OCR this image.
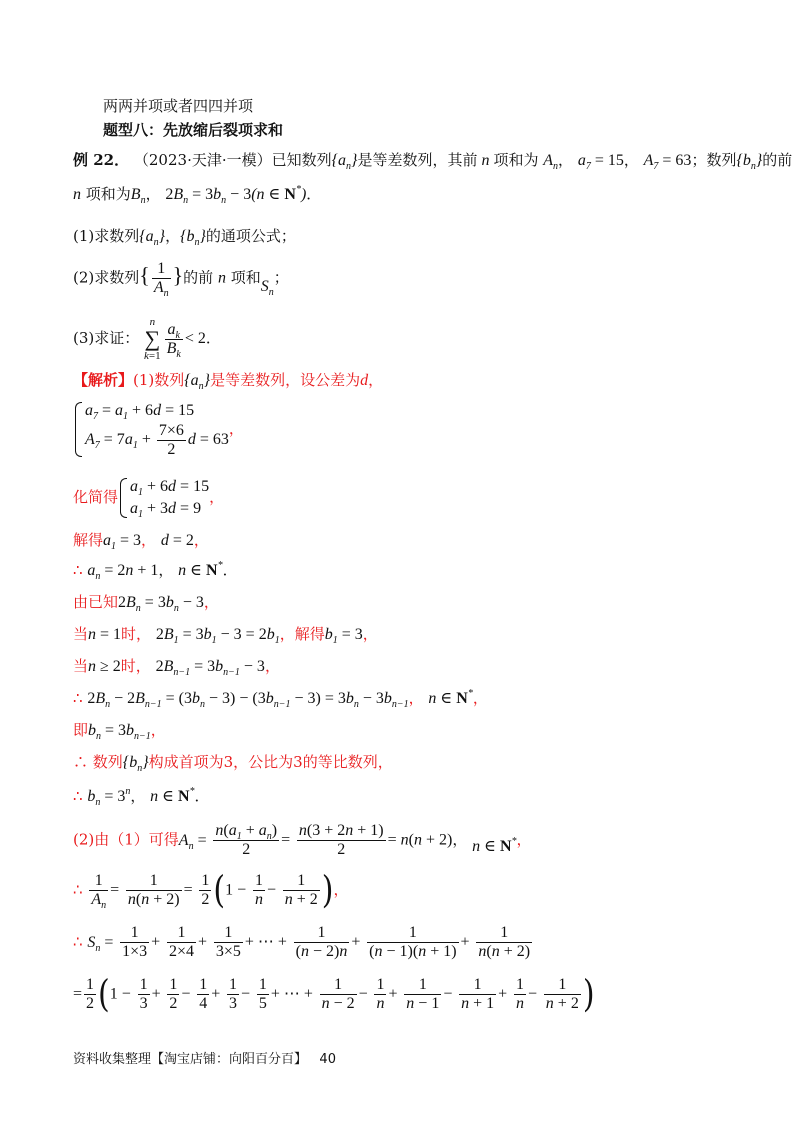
两两并项或者四四并项
题型八：先放缩后裂项求和
例 22． （2023·天津·一模）已知数列$\{a_n\}$是等差数列，其前 n 项和为 $A_n$， $a_7 = 15$， $A_7 = 63$；数列$\{b_n\}$的前
n 项和为$B_n$， $2B_n = 3b_n - 3(n$ ∈ N*)．
(1)求数列$\{a_n\}$，$\{b_n\}$的通项公式；
(2)求数列{ $\frac{1}{A_n}$ }的前 n 项和$S_n$；
(3)求证：
n
∑
$k=1 \frac{a_k}{B_k} < 2$．
【解析】(1)数列$\{a_n\}$是等差数列，设公差为d，
$a_7 = a_1 + 6d = 15$
$A_7 = 7a_1 + \frac{7\times 6}{2}$ d = 63
，
化简得
$a_1 + 6d = 15$
$a_1 + 3d = 9$
，
解得$a_1 = 3$， d = 2，
∴ $a_n = 2n + 1$， n ∈ N*．
由已知$2B_n = 3b_n - 3$，
当n = 1时， $2B_1 = 3b_1 - 3 = 2b_1$，解得$b_1 = 3$，
当n ≥ 2时， $2B_{n-1} = 3b_{n-1} - 3$，
∴ $2B_n - 2B_{n-1} = (3b_n - 3) - (3b_{n-1} - 3) = 3b_n - 3b_{n-1}$， n ∈ N*，
即$b_n = 3b_{n-1}$，
∴ 数列$\{b_n\}$构成首项为3，公比为3的等比数列，
∴ $b_n = 3^n$， n ∈ N*．
(2)由（1）可得$A_n = \frac{n(a_1 + a_n)}{2} = \frac{n(3 + 2n + 1)}{2} = n(n + 2)$， n ∈ N*，
∴ $\frac{1}{A_n} = \frac{1}{n(n + 2)} = \frac{1}{2} (1 - \frac{1}{n} - \frac{1}{n + 2}$ )，
∴ $S_n = \frac{1}{1\times 3} + \frac{1}{2\times 4} + \frac{1}{3\times 5}$ + ⋯ + $\frac{1}{(n - 2)n} + \frac{1}{(n - 1)(n + 1)} + \frac{1}{n(n + 2)}$
= $\frac{1}{2} (1 - \frac{1}{3} + \frac{1}{2} - \frac{1}{4} + \frac{1}{3} - \frac{1}{5}$ + ⋯ + $\frac{1}{n - 2} - \frac{1}{n} + \frac{1}{n - 1} - \frac{1}{n + 1} + \frac{1}{n} - \frac{1}{n + 2}$ )
资料收集整理【淘宝店铺：向阳百分百】 40
